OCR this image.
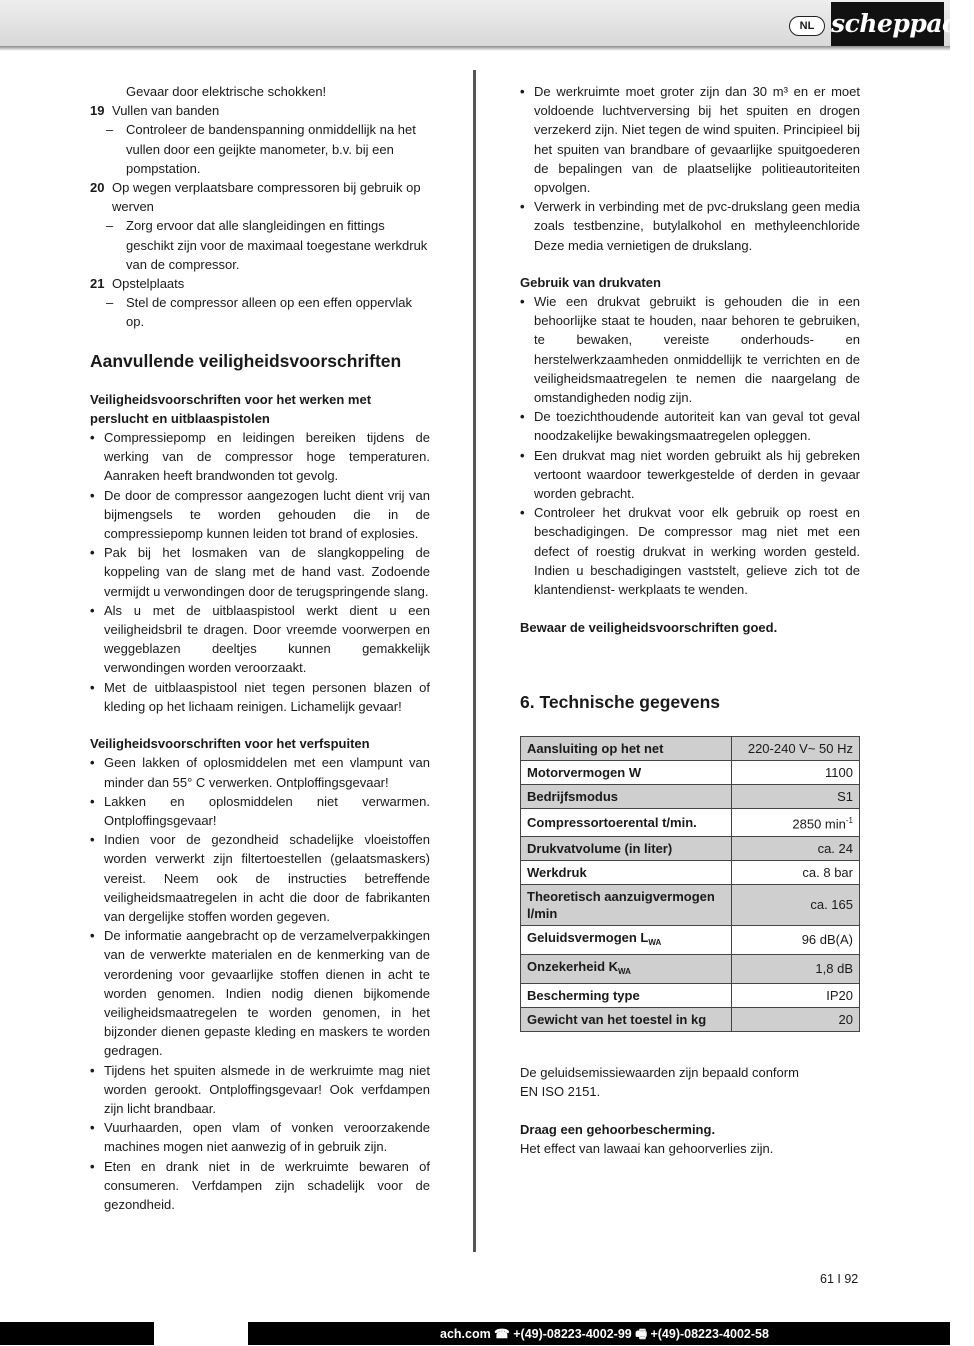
NL scheppach
Gevaar door elektrische schokken!
19 Vullen van banden
– Controleer de bandenspanning onmiddellijk na het vullen door een geijkte manometer, b.v. bij een pompstation.
20 Op wegen verplaatsbare compressoren bij gebruik op werven
– Zorg ervoor dat alle slangleidingen en fittings geschikt zijn voor de maximaal toegestane werkdruk van de compressor.
21 Opstelplaats
– Stel de compressor alleen op een effen oppervlak op.
Aanvullende veiligheidsvoorschriften
Veiligheidsvoorschriften voor het werken met perslucht en uitblaaspistolen
• Compressiepomp en leidingen bereiken tijdens de werking van de compressor hoge temperaturen. Aanraken heeft brandwonden tot gevolg.
• De door de compressor aangezogen lucht dient vrij van bijmengsels te worden gehouden die in de compressiepomp kunnen leiden tot brand of explosies.
• Pak bij het losmaken van de slangkoppeling de koppeling van de slang met de hand vast. Zodoende vermijdt u verwondingen door de terugspringende slang.
• Als u met de uitblaaspistool werkt dient u een veiligheidsbril te dragen. Door vreemde voorwerpen en weggeblazen deeltjes kunnen gemakkelijk verwondingen worden veroorzaakt.
• Met de uitblaaspistool niet tegen personen blazen of kleding op het lichaam reinigen. Lichamelijk gevaar!
Veiligheidsvoorschriften voor het verfspuiten
• Geen lakken of oplosmiddelen met een vlampunt van minder dan 55° C verwerken. Ontploffingsgevaar!
• Lakken en oplosmiddelen niet verwarmen. Ontploffingsgevaar!
• Indien voor de gezondheid schadelijke vloeistoffen worden verwerkt zijn filtertoestellen (gelaatsmaskers) vereist. Neem ook de instructies betreffende veiligheidsmaatregelen in acht die door de fabrikanten van dergelijke stoffen worden gegeven.
• De informatie aangebracht op de verzamelverpakkingen van de verwerkte materialen en de kenmerking van de verordening voor gevaarlijke stoffen dienen in acht te worden genomen. Indien nodig dienen bijkomende veiligheidsmaatregelen te worden genomen, in het bijzonder dienen gepaste kleding en maskers te worden gedragen.
• Tijdens het spuiten alsmede in de werkruimte mag niet worden gerookt. Ontploffingsgevaar! Ook verfdampen zijn licht brandbaar.
• Vuurhaarden, open vlam of vonken veroorzakende machines mogen niet aanwezig of in gebruik zijn.
• Eten en drank niet in de werkruimte bewaren of consumeren. Verfdampen zijn schadelijk voor de gezondheid.
• De werkruimte moet groter zijn dan 30 m³ en er moet voldoende luchtverversing bij het spuiten en drogen verzekerd zijn. Niet tegen de wind spuiten. Principieel bij het spuiten van brandbare of gevaarlijke spuitgoederen de bepalingen van de plaatselijke politieautoriteiten opvolgen.
• Verwerk in verbinding met de pvc-drukslang geen media zoals testbenzine, butylalkohol en methyleenchloride Deze media vernietigen de drukslang.
Gebruik van drukvaten
• Wie een drukvat gebruikt is gehouden die in een behoorlijke staat te houden, naar behoren te gebruiken, te bewaken, vereiste onderhouds- en herstelwerkzaamheden onmiddellijk te verrichten en de veiligheidsmaatregelen te nemen die naargelang de omstandigheden nodig zijn.
• De toezichthoudende autoriteit kan van geval tot geval noodzakelijke bewakingsmaatregelen opleggen.
• Een drukvat mag niet worden gebruikt als hij gebreken vertoont waardoor tewerkgestelde of derden in gevaar worden gebracht.
• Controleer het drukvat voor elk gebruik op roest en beschadigingen. De compressor mag niet met een defect of roestig drukvat in werking worden gesteld. Indien u beschadigingen vaststelt, gelieve zich tot de klantendienst- werkplaats te wenden.
Bewaar de veiligheidsvoorschriften goed.
6. Technische gegevens
Aansluiting op het net	220-240 V~ 50 Hz
Motorvermogen W	1100
Bedrijfsmodus	S1
Compressortoerental t/min.	2850 $\min^{-1}$
Drukvatvolume (in liter)	ca. 24
Werkdruk	ca. 8 bar
Theoretisch aanzuigvermogen l/min	ca. 165
Geluidsvermogen $L_{WA}$	96 dB(A)
Onzekerheid $K_{WA}$	1,8 dB
Bescherming type	IP20
Gewicht van het toestel in kg	20
De geluidsemissiewaarden zijn bepaald conform
EN ISO 2151.
Draag een gehoorbescherming.
Het effect van lawaai kan gehoorverlies zijn.
61 I 92
ach.com ☎ +(49)-08223-4002-99 🖷 +(49)-08223-4002-58
